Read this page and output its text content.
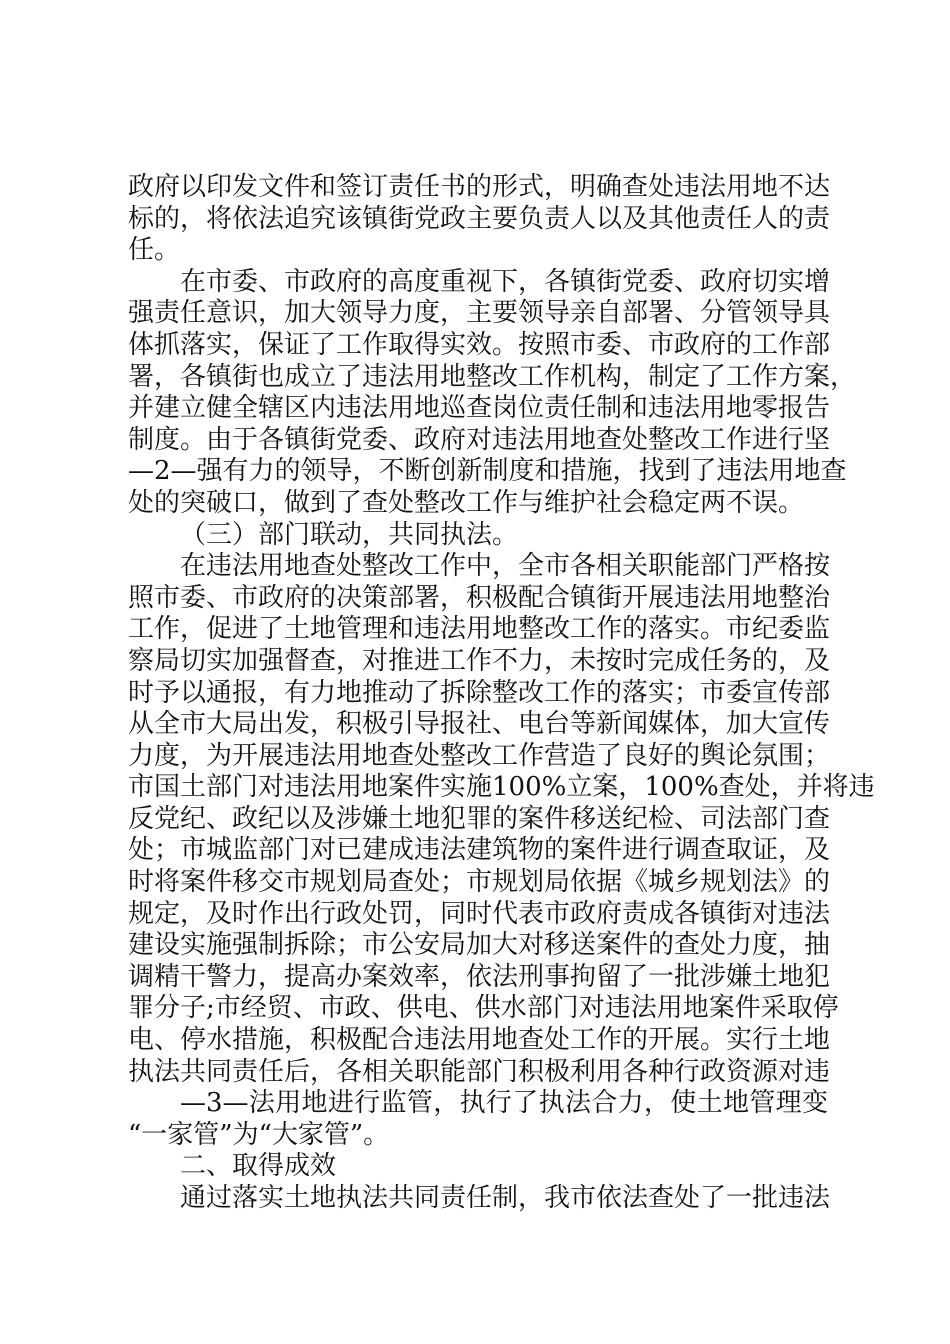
政府以印发文件和签订责任书的形式，明确查处违法用地不达
标的，将依法追究该镇街党政主要负责人以及其他责任人的责
任。
在市委、市政府的高度重视下，各镇街党委、政府切实增
强责任意识，加大领导力度，主要领导亲自部署、分管领导具
体抓落实，保证了工作取得实效。按照市委、市政府的工作部
署，各镇街也成立了违法用地整改工作机构，制定了工作方案，
并建立健全辖区内违法用地巡查岗位责任制和违法用地零报告
制度。由于各镇街党委、政府对违法用地查处整改工作进行坚
—2—强有力的领导，不断创新制度和措施，找到了违法用地查
处的突破口，做到了查处整改工作与维护社会稳定两不误。
（三）部门联动，共同执法。
在违法用地查处整改工作中，全市各相关职能部门严格按
照市委、市政府的决策部署，积极配合镇街开展违法用地整治
工作，促进了土地管理和违法用地整改工作的落实。市纪委监
察局切实加强督查，对推进工作不力，未按时完成任务的，及
时予以通报，有力地推动了拆除整改工作的落实；市委宣传部
从全市大局出发，积极引导报社、电台等新闻媒体，加大宣传
力度，为开展违法用地查处整改工作营造了良好的舆论氛围；
市国土部门对违法用地案件实施100%立案，100%查处，并将违
反党纪、政纪以及涉嫌土地犯罪的案件移送纪检、司法部门查
处；市城监部门对已建成违法建筑物的案件进行调查取证，及
时将案件移交市规划局查处；市规划局依据《城乡规划法》的
规定，及时作出行政处罚，同时代表市政府责成各镇街对违法
建设实施强制拆除；市公安局加大对移送案件的查处力度，抽
调精干警力，提高办案效率，依法刑事拘留了一批涉嫌土地犯
罪分子;市经贸、市政、供电、供水部门对违法用地案件采取停
电、停水措施，积极配合违法用地查处工作的开展。实行土地
执法共同责任后，各相关职能部门积极利用各种行政资源对违
—3—法用地进行监管，执行了执法合力，使土地管理变
“一家管”为“大家管”。
二、取得成效
通过落实土地执法共同责任制，我市依法查处了一批违法
